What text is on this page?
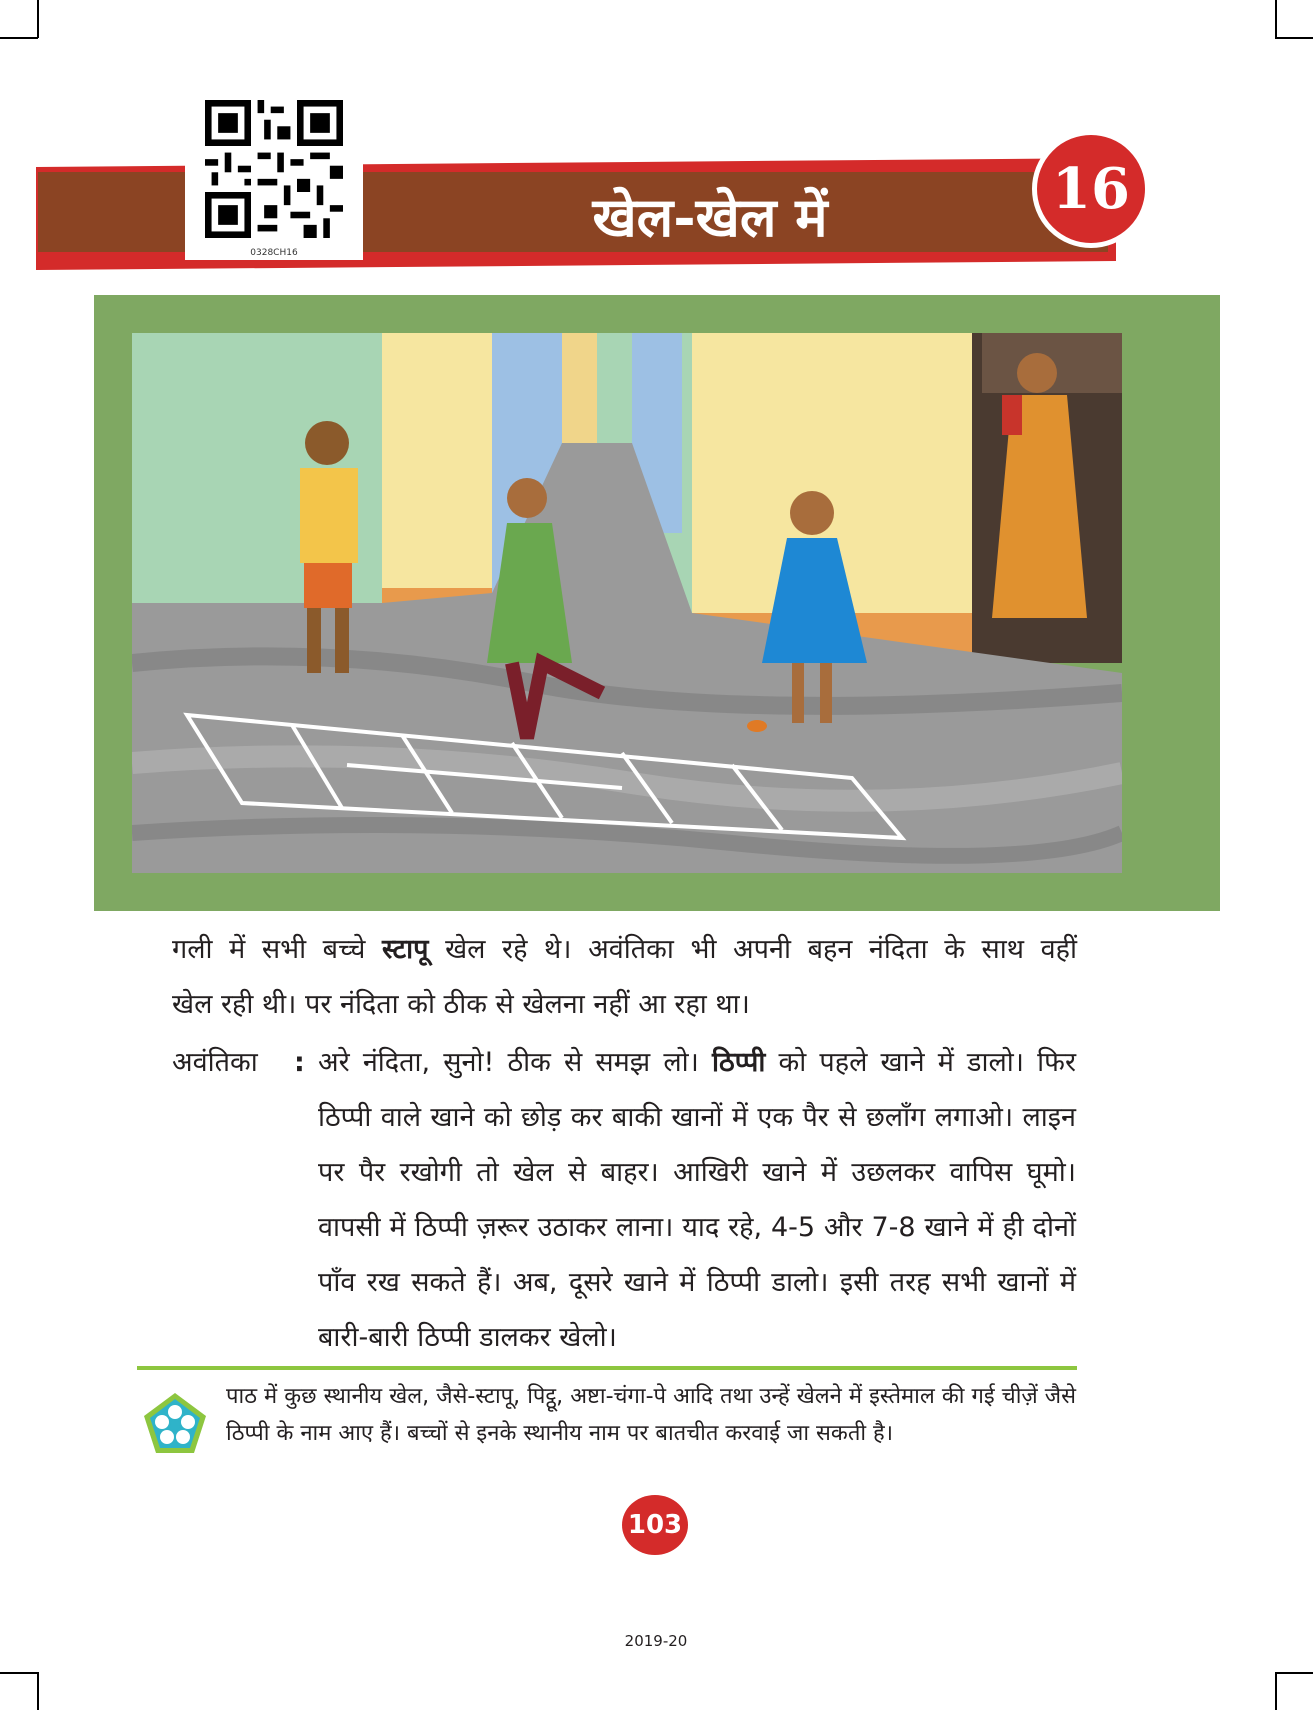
खेल-खेल में
0328CH16
16
गली में सभी बच्चे स्टापू खेल रहे थे। अवंतिका भी अपनी बहन नंदिता के साथ वहीं
खेल रही थी। पर नंदिता को ठीक से खेलना नहीं आ रहा था।
अवंतिका : अरे नंदिता, सुनो! ठीक से समझ लो। ठिप्पी को पहले खाने में डालो। फिर ठिप्पी वाले खाने को छोड़ कर बाकी खानों में एक पैर से छलाँग लगाओ। लाइन पर पैर रखोगी तो खेल से बाहर। आखिरी खाने में उछलकर वापिस घूमो। वापसी में ठिप्पी ज़रूर उठाकर लाना। याद रहे, 4-5 और 7-8 खाने में ही दोनों पाँव रख सकते हैं। अब, दूसरे खाने में ठिप्पी डालो। इसी तरह सभी खानों में बारी-बारी ठिप्पी डालकर खेलो।
पाठ में कुछ स्थानीय खेल, जैसे-स्टापू, पिट्ठू, अष्टा-चंगा-पे आदि तथा उन्हें खेलने में इस्तेमाल की गई चीज़ें जैसे ठिप्पी के नाम आए हैं। बच्चों से इनके स्थानीय नाम पर बातचीत करवाई जा सकती है।
103
2019-20
